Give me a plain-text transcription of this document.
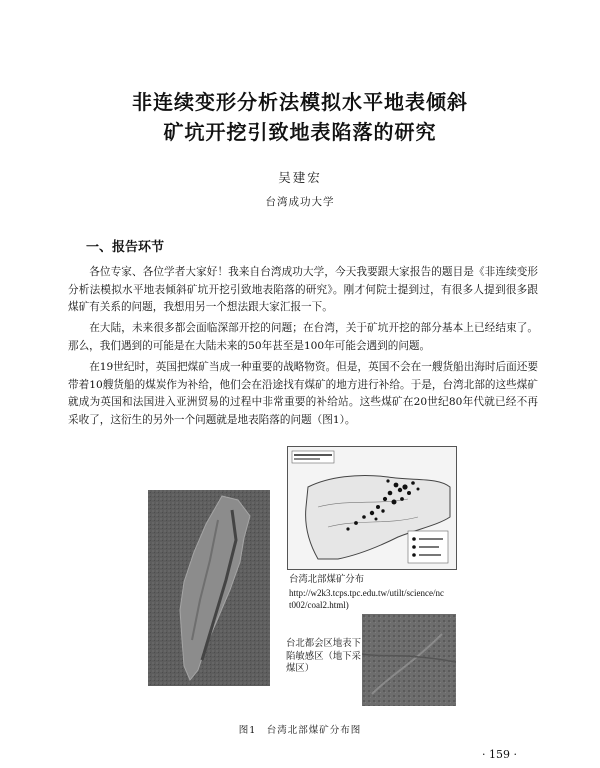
非连续变形分析法模拟水平地表倾斜
矿坑开挖引致地表陷落的研究
吴建宏
台湾成功大学
一、报告环节

各位专家、各位学者大家好！我来自台湾成功大学，今天我要跟大家报告的题目是《非连续变形分析法模拟水平地表倾斜矿坑开挖引致地表陷落的研究》。刚才何院士提到过，有很多人提到很多跟煤矿有关系的问题，我想用另一个想法跟大家汇报一下。

在大陆，未来很多都会面临深部开挖的问题；在台湾，关于矿坑开挖的部分基本上已经结束了。那么，我们遇到的可能是在大陆未来的50年甚至是100年可能会遇到的问题。

在19世纪时，英国把煤矿当成一种重要的战略物资。但是，英国不会在一艘货船出海时后面还要带着10艘货船的煤炭作为补给，他们会在沿途找有煤矿的地方进行补给。于是，台湾北部的这些煤矿就成为英国和法国进入亚洲贸易的过程中非常重要的补给站。这些煤矿在20世纪80年代就已经不再采收了，这衍生的另外一个问题就是地表陷落的问题（图1）。

台湾北部煤矿分布
http://w2k3.tcps.tpc.edu.tw/utilt/science/nc
t002/coal2.html)
台北都会区地表下
陷敏感区（地下采
煤区）
图1　台湾北部煤矿分布图
· 159 ·
